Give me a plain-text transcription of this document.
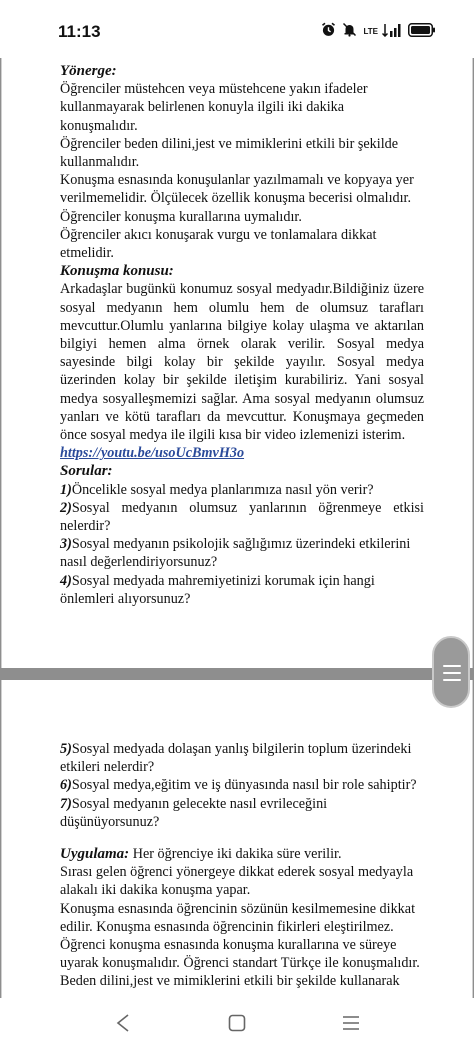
11:13	LTE

Yönerge:

Öğrenciler müstehcen veya müstehcene yakın ifadeler kullanmayarak belirlenen konuyla ilgili iki dakika konuşmalıdır.

Öğrenciler beden dilini,jest ve mimiklerini etkili bir şekilde kullanmalıdır.

Konuşma esnasında konuşulanlar yazılmamalı ve kopyaya yer verilmemelidir. Ölçülecek özellik konuşma becerisi olmalıdır.

Öğrenciler konuşma kurallarına uymalıdır.

Öğrenciler akıcı konuşarak vurgu ve tonlamalara dikkat etmelidir.

Konuşma konusu:

Arkadaşlar bugünkü konumuz sosyal medyadır.Bildiğiniz üzere sosyal medyanın hem olumlu hem de olumsuz tarafları mevcuttur.Olumlu yanlarına bilgiye kolay ulaşma ve aktarılan bilgiyi hemen alma örnek olarak verilir. Sosyal medya sayesinde bilgi kolay bir şekilde yayılır. Sosyal medya üzerinden kolay bir şekilde iletişim kurabiliriz. Yani sosyal medya sosyalleşmemizi sağlar. Ama sosyal medyanın olumsuz yanları ve kötü tarafları da mevcuttur. Konuşmaya geçmeden önce sosyal medya ile ilgili kısa bir video izlemenizi isterim.

https://youtu.be/usoUcBmvH3o

Sorular:

1)Öncelikle sosyal medya planlarımıza nasıl yön verir?

2)Sosyal medyanın olumsuz yanlarının öğrenmeye etkisi nelerdir?

3)Sosyal medyanın psikolojik sağlığımız üzerindeki etkilerini nasıl değerlendiriyorsunuz?

4)Sosyal medyada mahremiyetinizi korumak için hangi önlemleri alıyorsunuz?

5)Sosyal medyada dolaşan yanlış bilgilerin toplum üzerindeki etkileri nelerdir?

6)Sosyal medya,eğitim ve iş dünyasında nasıl bir role sahiptir?

7)Sosyal medyanın gelecekte nasıl evrileceğini düşünüyorsunuz?

Uygulama: Her öğrenciye iki dakika süre verilir.

Sırası gelen öğrenci yönergeye dikkat ederek sosyal medyayla alakalı iki dakika konuşma yapar.

Konuşma esnasında öğrencinin sözünün kesilmemesine dikkat edilir. Konuşma esnasında öğrencinin fikirleri eleştirilmez.

Öğrenci konuşma esnasında konuşma kurallarına ve süreye uyarak konuşmalıdır. Öğrenci standart Türkçe ile konuşmalıdır.

Beden dilini,jest ve mimiklerini etkili bir şekilde kullanarak
